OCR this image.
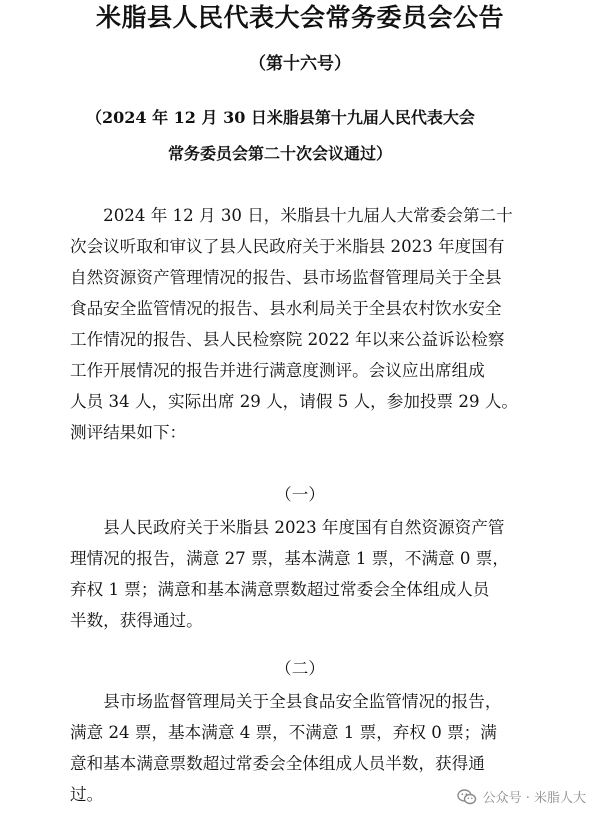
米脂县人民代表大会常务委员会公告
（第十六号）
（2024 年 12 月 30 日米脂县第十九届人民代表大会
常务委员会第二十次会议通过）
　　2024 年 12 月 30 日，米脂县十九届人大常委会第二十
次会议听取和审议了县人民政府关于米脂县 2023 年度国有
自然资源资产管理情况的报告、县市场监督管理局关于全县
食品安全监管情况的报告、县水利局关于全县农村饮水安全
工作情况的报告、县人民检察院 2022 年以来公益诉讼检察
工作开展情况的报告并进行满意度测评。会议应出席组成
人员 34 人，实际出席 29 人，请假 5 人，参加投票 29 人。
测评结果如下：
（一）
　　县人民政府关于米脂县 2023 年度国有自然资源资产管
理情况的报告，满意 27 票，基本满意 1 票，不满意 0 票，
弃权 1 票；满意和基本满意票数超过常委会全体组成人员
半数，获得通过。
（二）
　　县市场监督管理局关于全县食品安全监管情况的报告，
满意 24 票，基本满意 4 票，不满意 1 票，弃权 0 票；满
意和基本满意票数超过常委会全体组成人员半数，获得通
过。	公众号 · 米脂人大
